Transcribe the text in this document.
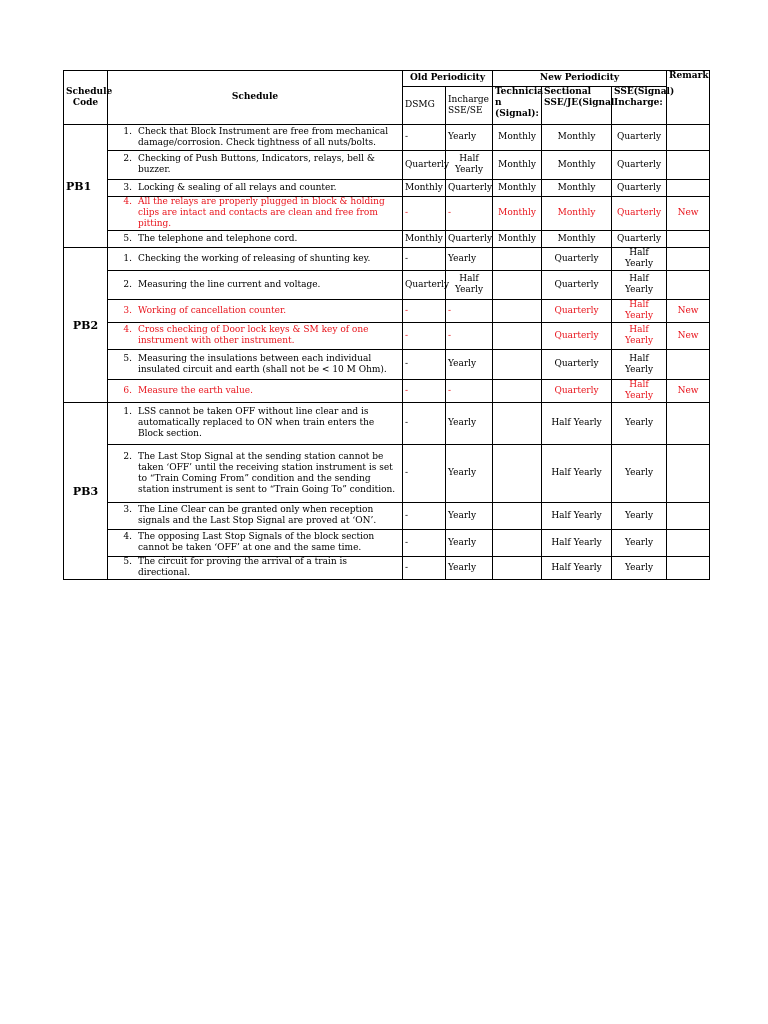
Schedule Code	Schedule	Old Periodicity		New Periodicity			Remark
		DSMG	Incharge SSE/SE	Technicia n (Signal):	Sectional SSE/JE(Signal	SSE(Signal) Incharge:	
PB1	1. Check that Block Instrument are free from mechanical damage/corrosion. Check tightness of all nuts/bolts.	-	Yearly	Monthly	Monthly	Quarterly	

	2. Checking of Push Buttons, Indicators, relays, bell & buzzer.	Quarterly	Half Yearly	Monthly	Monthly	Quarterly	

	3. Locking & sealing of all relays and counter.	Monthly	Quarterly	Monthly	Monthly	Quarterly	

	4. All the relays are properly plugged in block & holding clips are intact and contacts are clean and free from pitting.	-	-	Monthly	Monthly	Quarterly	New

	5. The telephone and telephone cord.	Monthly	Quarterly	Monthly	Monthly	Quarterly	
PB2	1. Checking the working of releasing of shunting key.	-	Yearly		Quarterly	Half Yearly	

	2. Measuring the line current and voltage.	Quarterly	Half Yearly		Quarterly	Half Yearly	

	3. Working of cancellation counter.	-	-		Quarterly	Half Yearly	New

	4. Cross checking of Door lock keys & SM key of one instrument with other instrument.	-	-		Quarterly	Half Yearly	New

	5. Measuring the insulations between each individual insulated circuit and earth (shall not be < 10 M Ohm).	-	Yearly		Quarterly	Half Yearly	

	6. Measure the earth value.	-	-		Quarterly	Half Yearly	New
PB3	1. LSS cannot be taken OFF without line clear and is automatically replaced to ON when train enters the Block section.	-	Yearly		Half Yearly	Yearly	

	2. The Last Stop Signal at the sending station cannot be taken ‘OFF’ until the receiving station instrument is set to “Train Coming From” condition and the sending station instrument is sent to “Train Going To” condition.	-	Yearly		Half Yearly	Yearly	

	3. The Line Clear can be granted only when reception signals and the Last Stop Signal are proved at ‘ON’.	-	Yearly		Half Yearly	Yearly	

	4. The opposing Last Stop Signals of the block section cannot be taken ‘OFF’ at one and the same time.	-	Yearly		Half Yearly	Yearly	

	5. The circuit for proving the arrival of a train is directional.	-	Yearly		Half Yearly	Yearly	
